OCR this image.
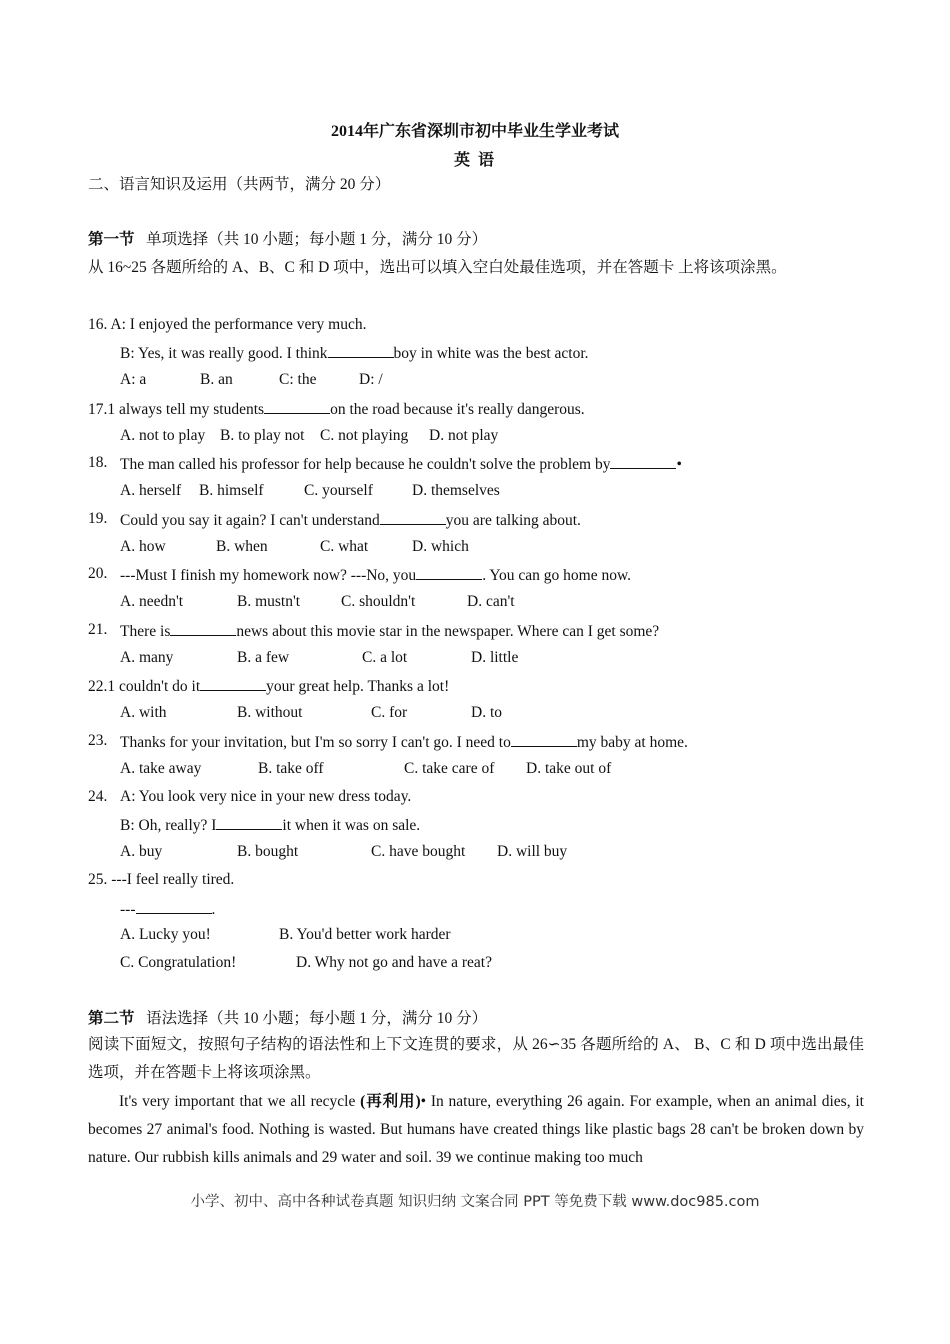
2014年广东省深圳市初中毕业生学业考试
英 语
二、语言知识及运用（共两节，满分 20 分）
第一节 单项选择（共 10 小题；每小题 1 分，满分 10 分）
从 16~25 各题所给的 A、B、C 和 D 项中，选出可以填入空白处最佳选项，并在答题卡 上将该项涂黑。
16. A: I enjoyed the performance very much.
B: Yes, it was really good. I think	boy in white was the best actor.
A: a	B. an	C: the	D: /
17.1 always tell my students	on the road because it's really dangerous.
A. not to play B. to play not C. not playing D. not play
18. The man called his professor for help because he couldn't solve the problem by	•
A. herself B. himself	C. yourself	D. themselves
19. Could you say it again? I can't understand	you are talking about.
A. how	B. when	C. what	D. which
20. ---Must I finish my homework now? ---No, you	. You can go home now.
A. needn't	B. mustn't	C. shouldn't	D. can't
21. There is	news about this movie star in the newspaper. Where can I get some?
A. many	B. a few	C. a lot	D. little
22.1 couldn't do it	your great help. Thanks a lot!
A. with	B. without	C. for	D. to
23. Thanks for your invitation, but I'm so sorry I can't go. I need to	my baby at home.
A. take away	B. take off	C. take care of D. take out of
24. A: You look very nice in your new dress today.
B: Oh, really? I	it when it was on sale.
A. buy	B. bought	C. have bought D. will buy
25. ---I feel really tired.
---	.
A. Lucky you!	B. You'd better work harder
C. Congratulation!	D. Why not go and have a reat?
第二节 语法选择（共 10 小题；每小题 1 分，满分 10 分）
阅读下面短文，按照句子结构的语法性和上下文连贯的要求，从 26∽35 各题所给的 A、 B、C 和 D 项中选出最佳选项，并在答题卡上将该项涂黑。
It's very important that we all recycle (再利用)• In nature, everything 26 again. For example, when an animal dies, it becomes 27 animal's food. Nothing is wasted. But humans have created things like plastic bags 28 can't be broken down by nature. Our rubbish kills animals and 29 water and soil. 39 we continue making too much
小学、初中、高中各种试卷真题 知识归纳 文案合同 PPT 等免费下载 www.doc985.com
